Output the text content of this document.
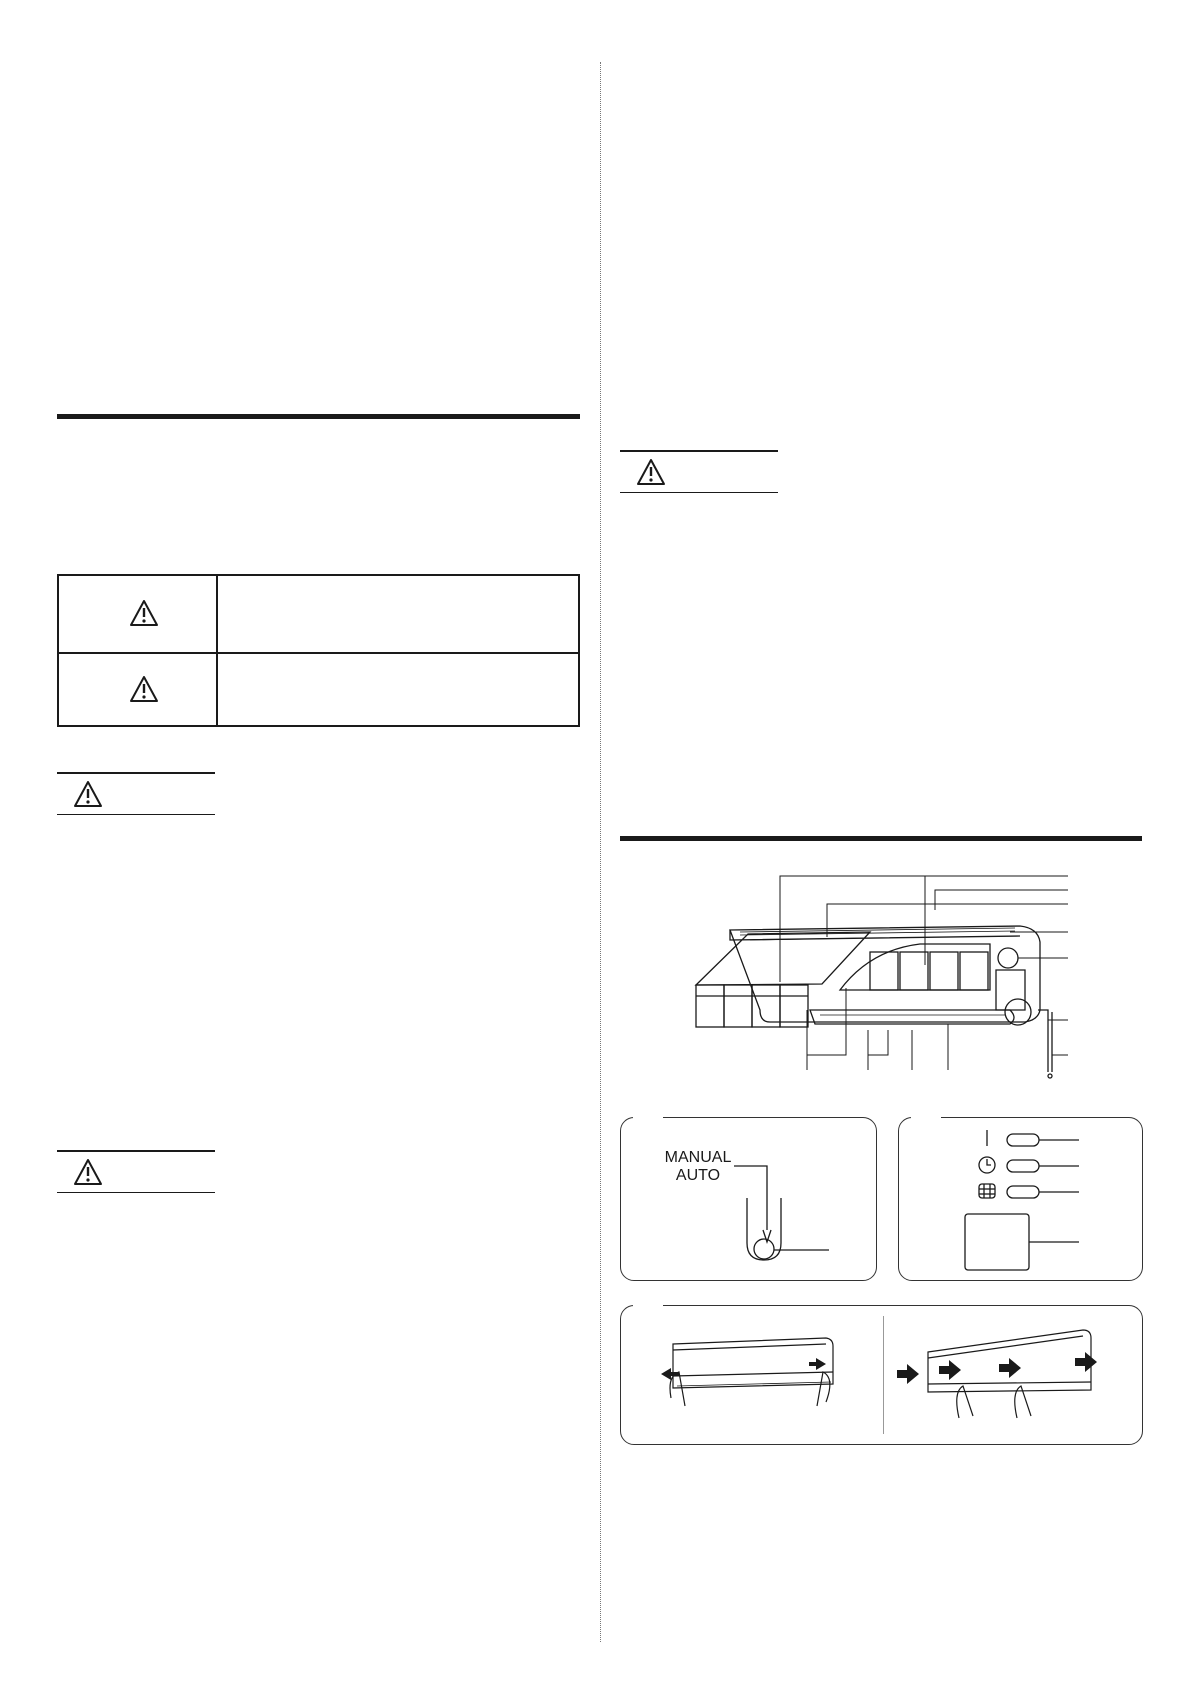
MANUAL
AUTO
